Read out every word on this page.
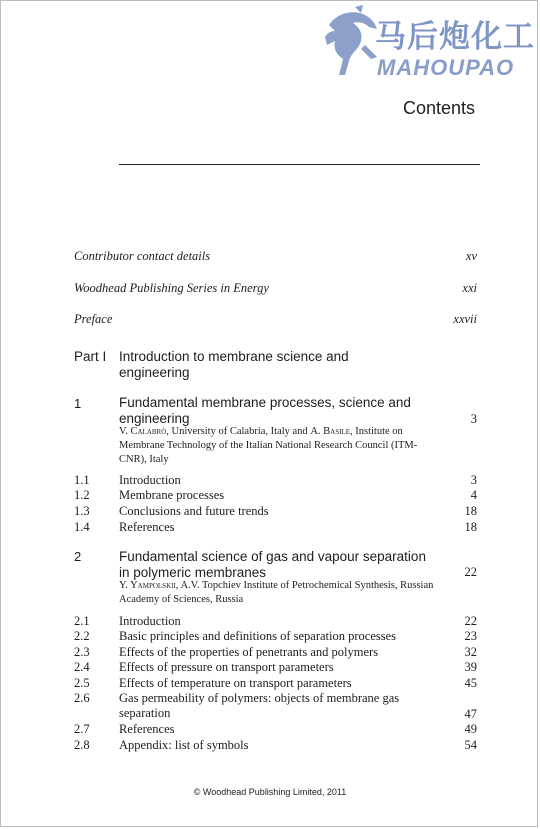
马后炮化工
MAHOUPAO
Contents
Contributor contact details	xv
Woodhead Publishing Series in Energy	xxi
Preface	xxvii
Part I Introduction to membrane science and engineering
1	Fundamental membrane processes, science and engineering	3
V. Calabrò, University of Calabria, Italy and A. Basile, Institute on Membrane Technology of the Italian National Research Council (ITM-CNR), Italy
1.1 Introduction	3
1.2 Membrane processes	4
1.3 Conclusions and future trends	18
1.4 References	18
2	Fundamental science of gas and vapour separation in polymeric membranes	22
Y. Yampolskii, A.V. Topchiev Institute of Petrochemical Synthesis, Russian Academy of Sciences, Russia
2.1 Introduction	22
2.2 Basic principles and definitions of separation processes	23
2.3 Effects of the properties of penetrants and polymers	32
2.4 Effects of pressure on transport parameters	39
2.5 Effects of temperature on transport parameters	45
2.6 Gas permeability of polymers: objects of membrane gas separation	47
2.7 References	49
2.8 Appendix: list of symbols	54
© Woodhead Publishing Limited, 2011
